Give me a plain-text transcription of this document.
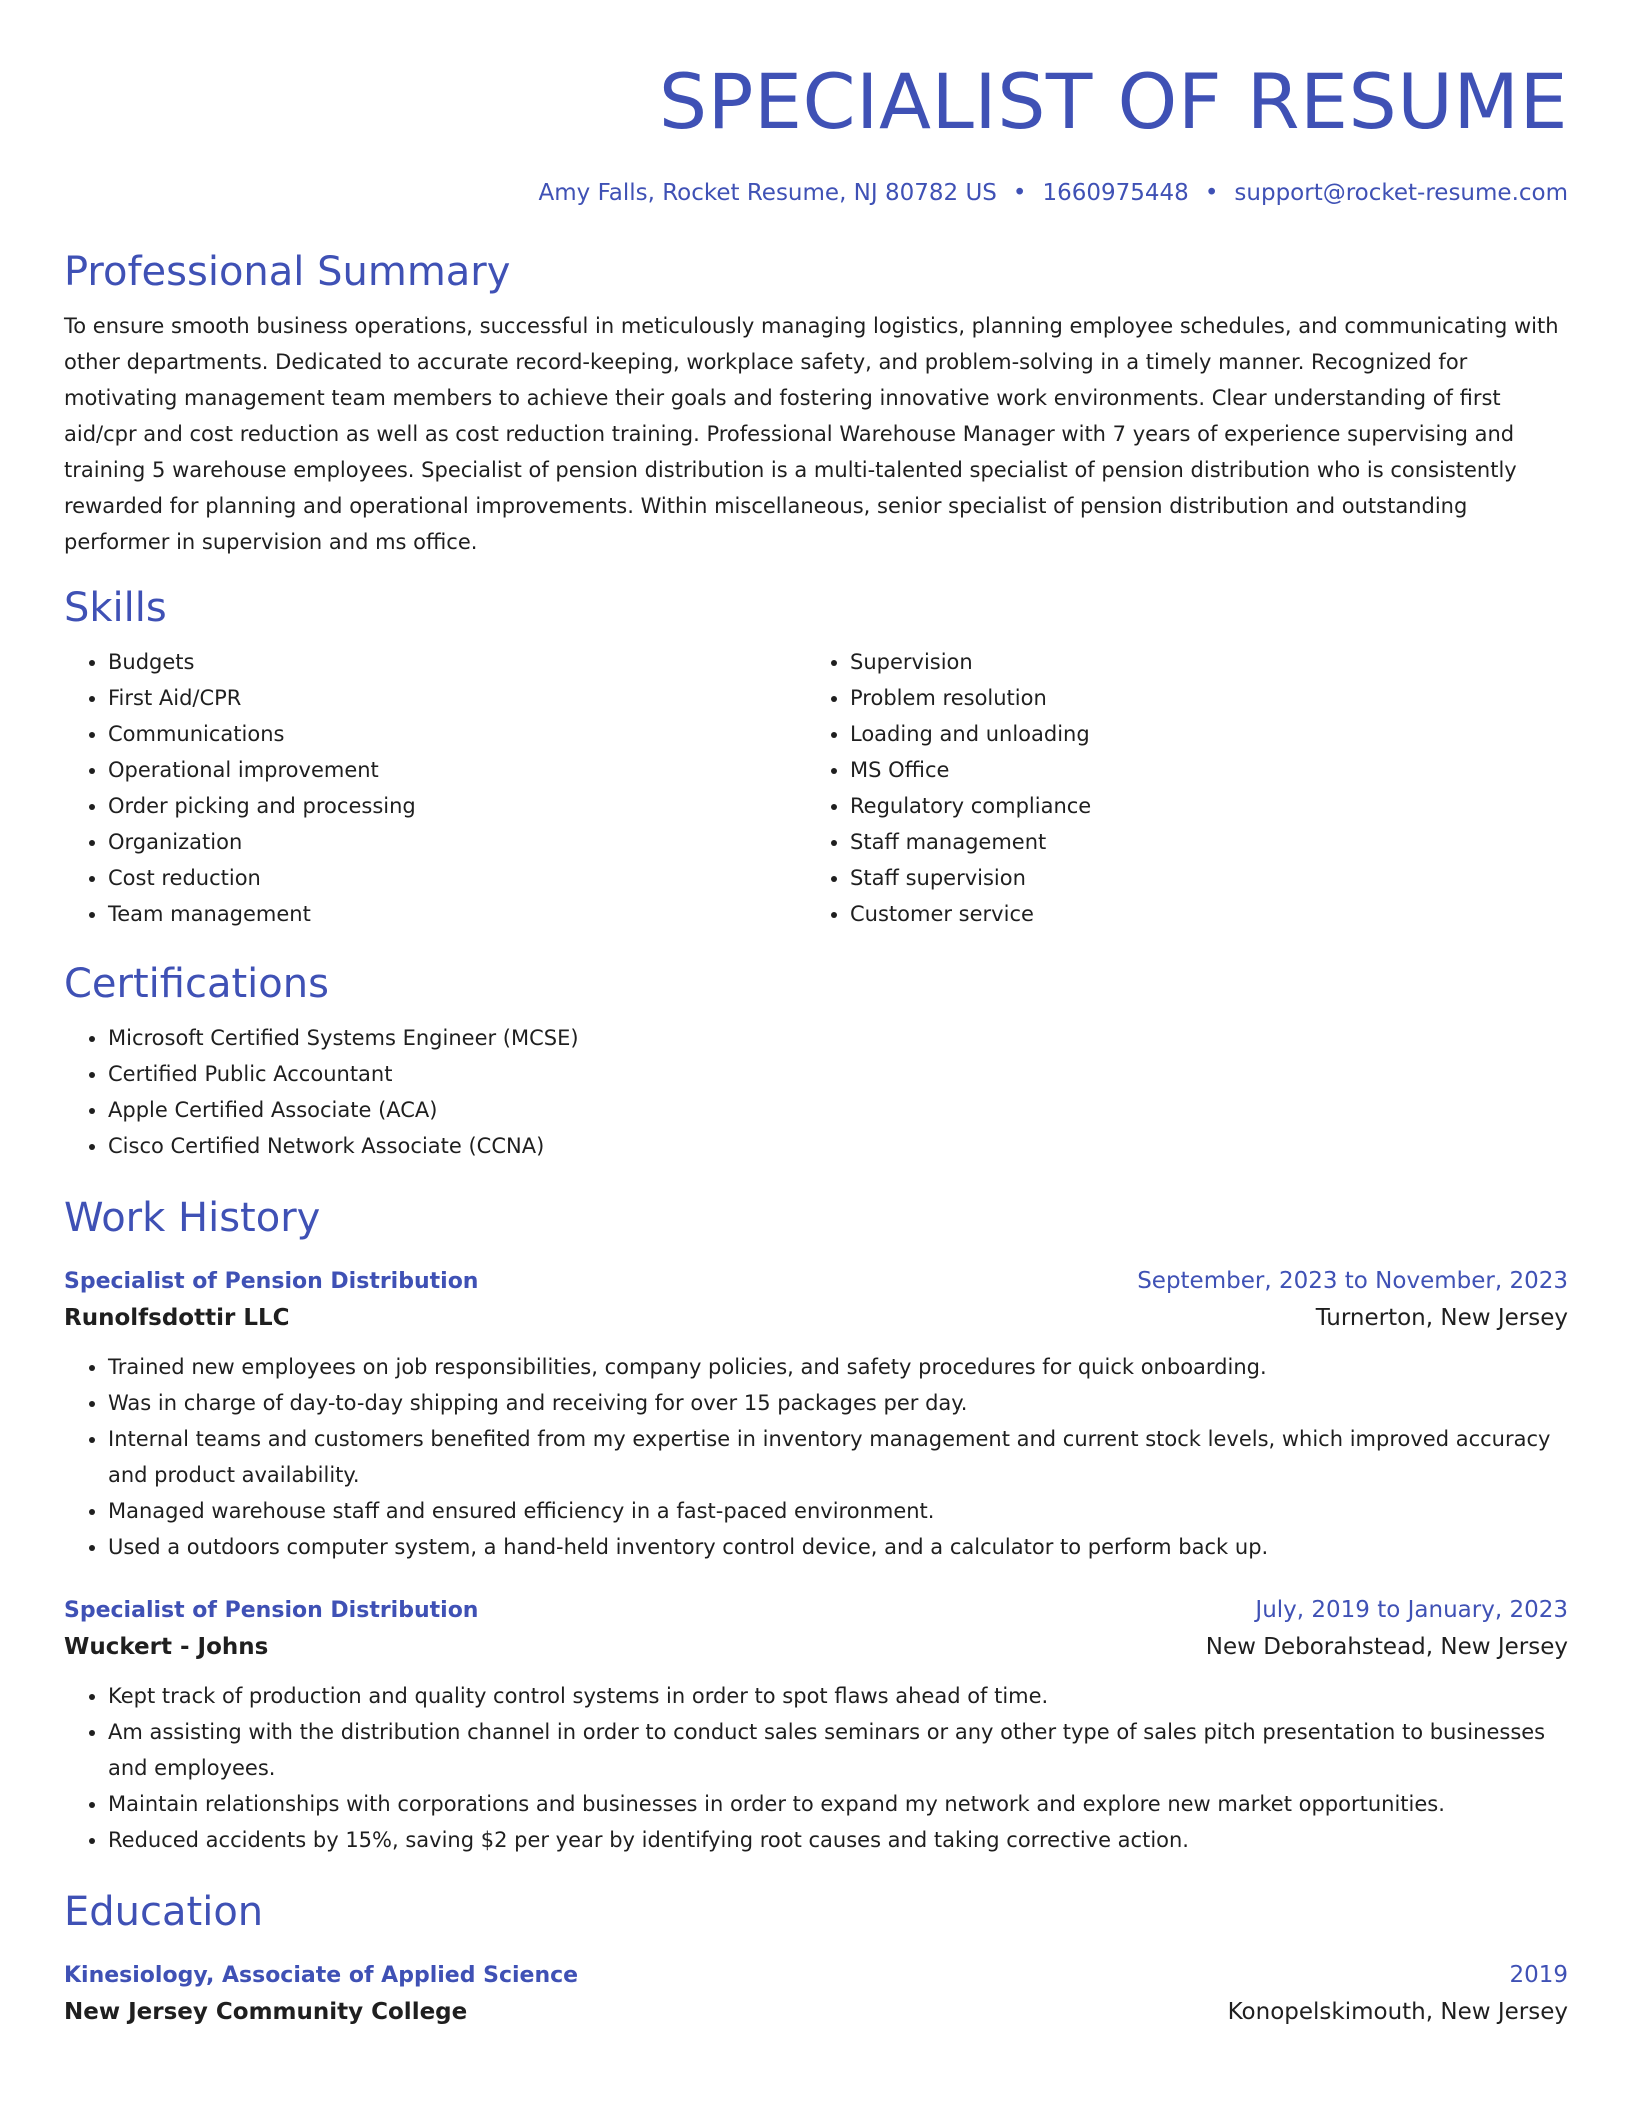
SPECIALIST OF RESUME
Amy Falls, Rocket Resume, NJ 80782 US • 1660975448 • support@rocket-resume.com
Professional Summary
To ensure smooth business operations, successful in meticulously managing logistics, planning employee schedules, and communicating with other departments. Dedicated to accurate record-keeping, workplace safety, and problem-solving in a timely manner. Recognized for motivating management team members to achieve their goals and fostering innovative work environments. Clear understanding of first aid/cpr and cost reduction as well as cost reduction training. Professional Warehouse Manager with 7 years of experience supervising and training 5 warehouse employees. Specialist of pension distribution is a multi-talented specialist of pension distribution who is consistently rewarded for planning and operational improvements. Within miscellaneous, senior specialist of pension distribution and outstanding performer in supervision and ms office.
Skills
• Budgets
• First Aid/CPR
• Communications
• Operational improvement
• Order picking and processing
• Organization
• Cost reduction
• Team management
• Supervision
• Problem resolution
• Loading and unloading
• MS Office
• Regulatory compliance
• Staff management
• Staff supervision
• Customer service
Certifications
• Microsoft Certified Systems Engineer (MCSE)
• Certified Public Accountant
• Apple Certified Associate (ACA)
• Cisco Certified Network Associate (CCNA)
Work History
Specialist of Pension Distribution	September, 2023 to November, 2023
Runolfsdottir LLC	Turnerton, New Jersey
• Trained new employees on job responsibilities, company policies, and safety procedures for quick onboarding.
• Was in charge of day-to-day shipping and receiving for over 15 packages per day.
• Internal teams and customers benefited from my expertise in inventory management and current stock levels, which improved accuracy and product availability.
• Managed warehouse staff and ensured efficiency in a fast-paced environment.
• Used a outdoors computer system, a hand-held inventory control device, and a calculator to perform back up.
Specialist of Pension Distribution	July, 2019 to January, 2023
Wuckert - Johns	New Deborahstead, New Jersey
• Kept track of production and quality control systems in order to spot flaws ahead of time.
• Am assisting with the distribution channel in order to conduct sales seminars or any other type of sales pitch presentation to businesses and employees.
• Maintain relationships with corporations and businesses in order to expand my network and explore new market opportunities.
• Reduced accidents by 15%, saving $2 per year by identifying root causes and taking corrective action.
Education
Kinesiology, Associate of Applied Science	2019
New Jersey Community College	Konopelskimouth, New Jersey
